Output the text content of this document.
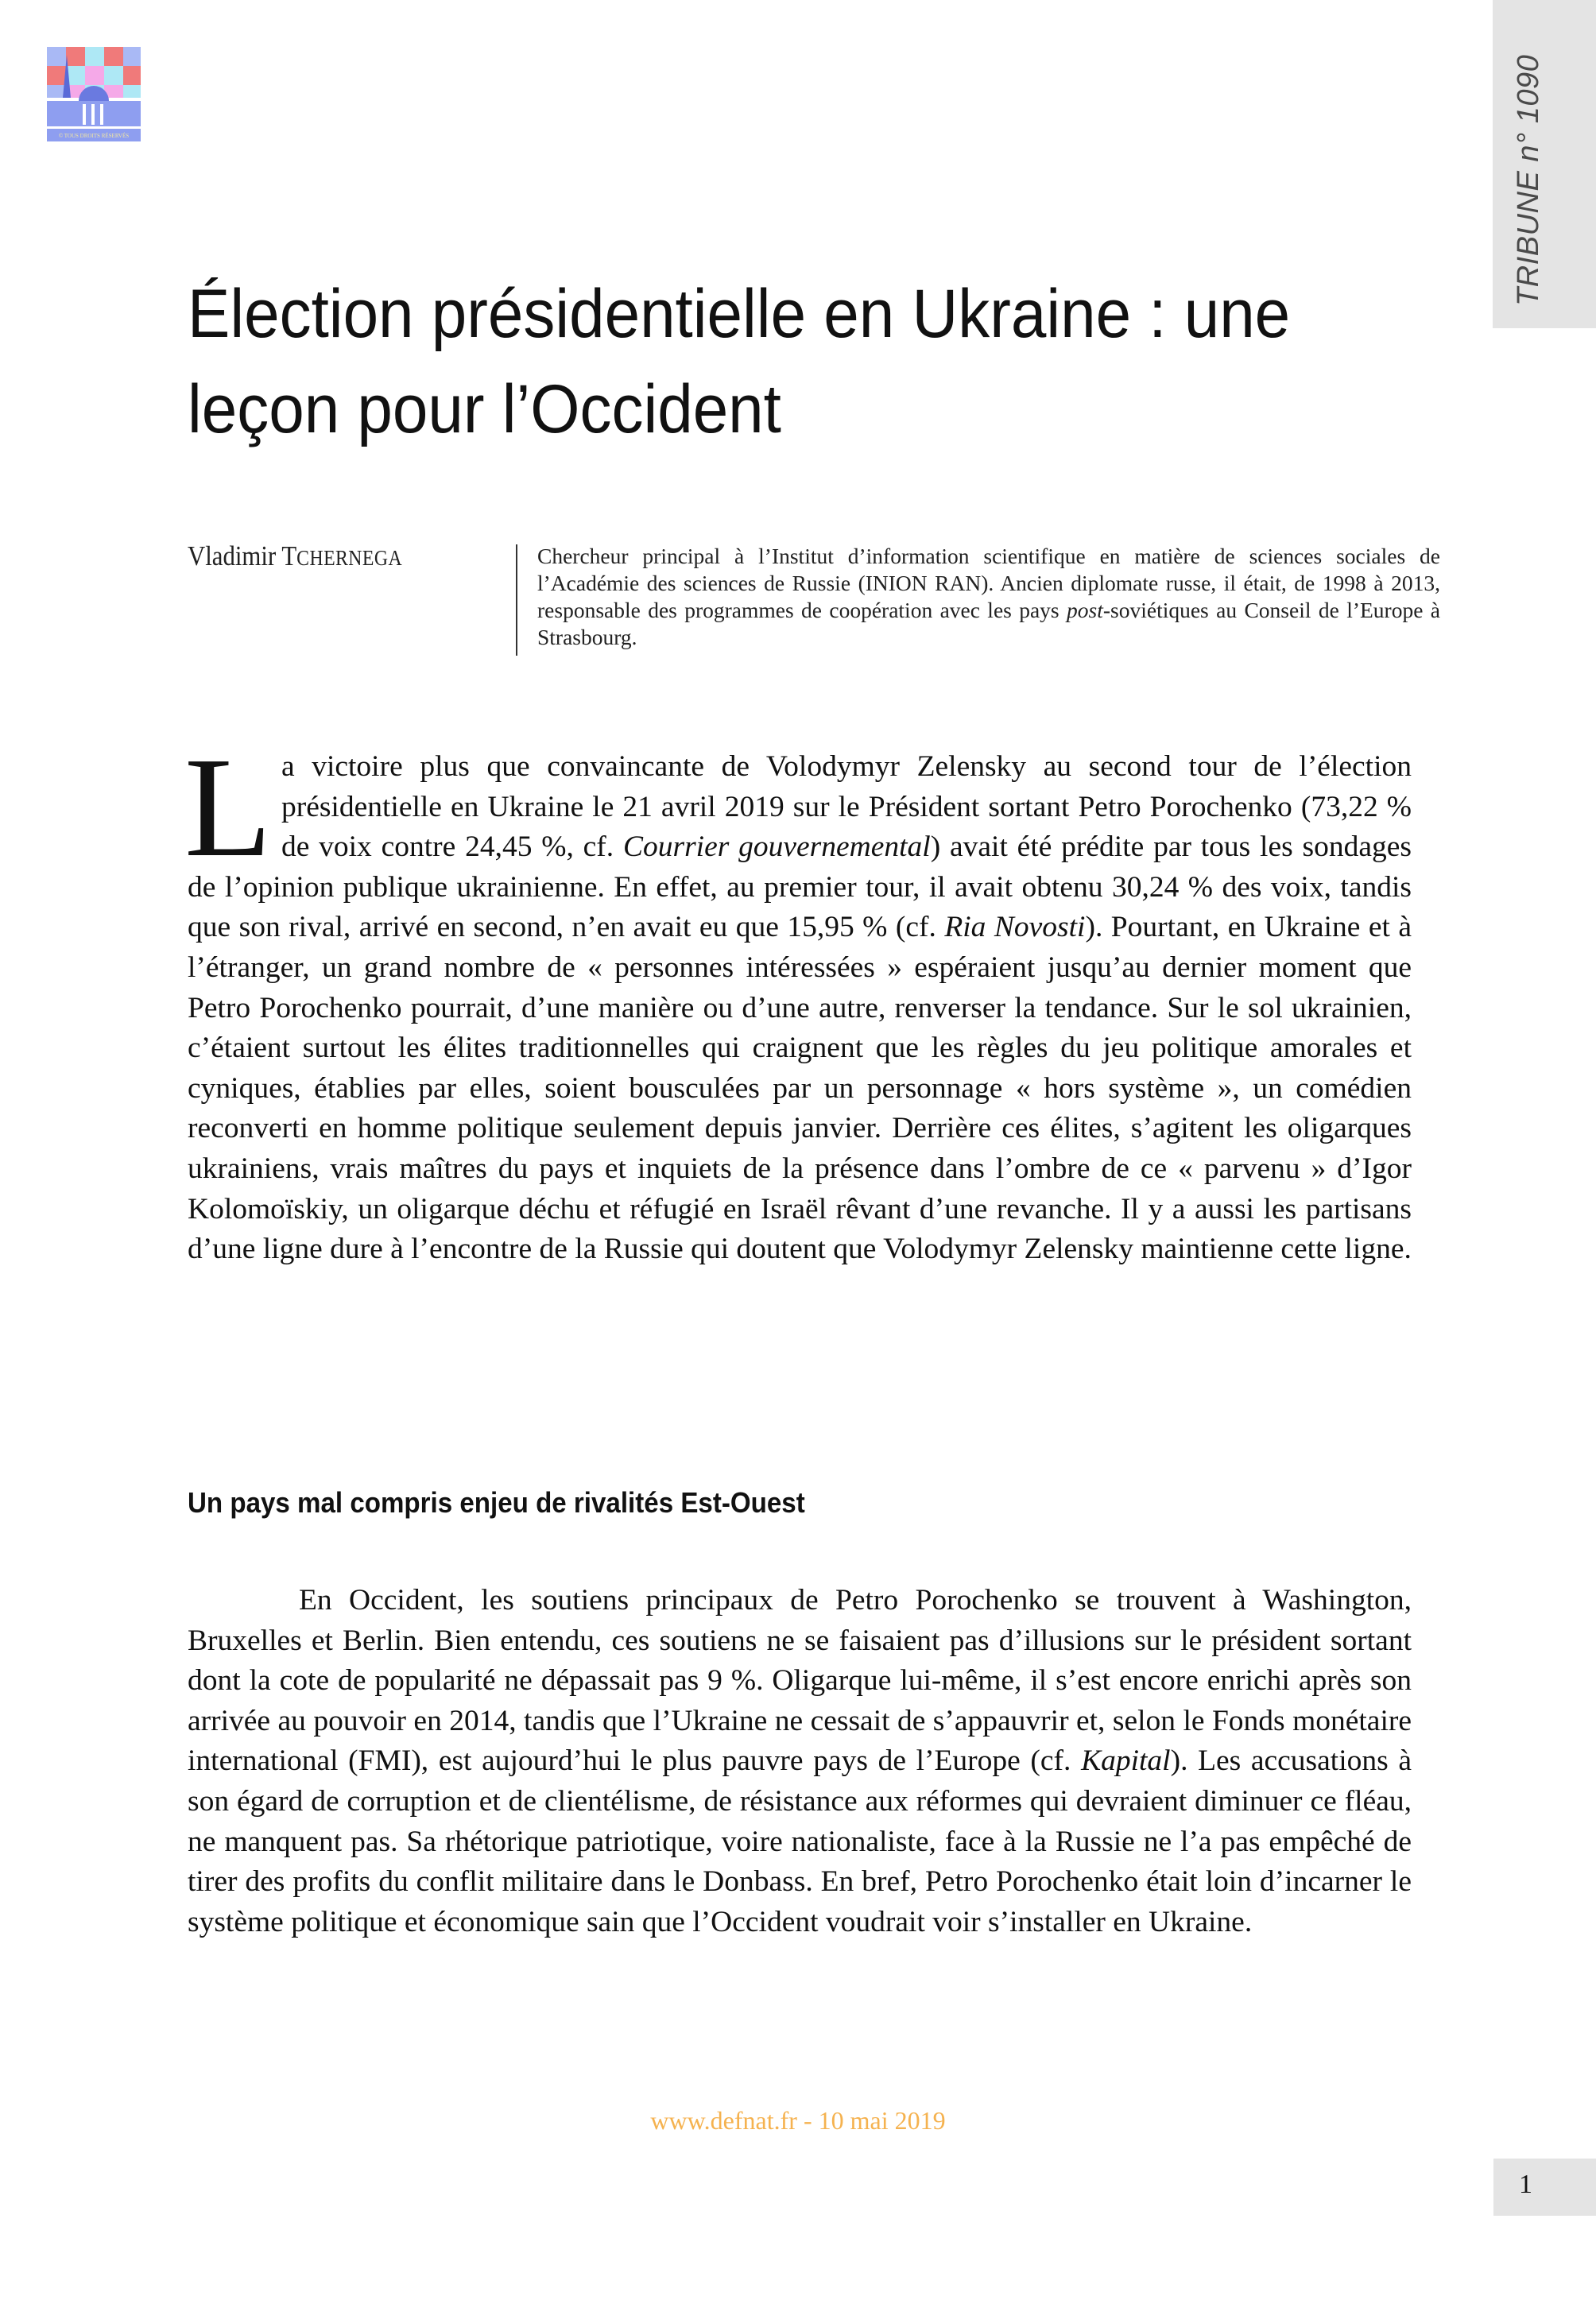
© TOUS DROITS RÉSERVÉS	TRIBUNE n° 1090
Élection présidentielle en Ukraine : une leçon pour l’Occident
Vladimir TCHERNEGA	Chercheur principal à l’Institut d’information scientifique en matière de sciences sociales de l’Académie des sciences de Russie (INION RAN). Ancien diplomate russe, il était, de 1998 à 2013, responsable des programmes de coopération avec les pays post-soviétiques au Conseil de l’Europe à Strasbourg.

La victoire plus que convaincante de Volodymyr Zelensky au second tour de l’élection présidentielle en Ukraine le 21 avril 2019 sur le Président sortant Petro Porochenko (73,22 % de voix contre 24,45 %, cf. Courrier gouvernemental) avait été prédite par tous les sondages de l’opinion publique ukrainienne. En effet, au premier tour, il avait obtenu 30,24 % des voix, tandis que son rival, arrivé en second, n’en avait eu que 15,95 % (cf. Ria Novosti). Pourtant, en Ukraine et à l’étranger, un grand nombre de « personnes intéressées » espéraient jusqu’au dernier moment que Petro Porochenko pourrait, d’une manière ou d’une autre, renverser la tendance. Sur le sol ukrainien, c’étaient surtout les élites traditionnelles qui craignent que les règles du jeu politique amorales et cyniques, établies par elles, soient bousculées par un personnage « hors système », un comédien reconverti en homme politique seulement depuis janvier. Derrière ces élites, s’agitent les oligarques ukrainiens, vrais maîtres du pays et inquiets de la présence dans l’ombre de ce « parvenu » d’Igor Kolomoïskiy, un oligarque déchu et réfugié en Israël rêvant d’une revanche. Il y a aussi les partisans d’une ligne dure à l’encontre de la Russie qui doutent que Volodymyr Zelensky maintienne cette ligne.

Un pays mal compris enjeu de rivalités Est-Ouest

En Occident, les soutiens principaux de Petro Porochenko se trouvent à Washington, Bruxelles et Berlin. Bien entendu, ces soutiens ne se faisaient pas d’illusions sur le président sortant dont la cote de popularité ne dépassait pas 9 %. Oligarque lui-même, il s’est encore enrichi après son arrivée au pouvoir en 2014, tandis que l’Ukraine ne cessait de s’appauvrir et, selon le Fonds monétaire international (FMI), est aujourd’hui le plus pauvre pays de l’Europe (cf. Kapital). Les accusations à son égard de corruption et de clientélisme, de résistance aux réformes qui devraient diminuer ce fléau, ne manquent pas. Sa rhétorique patriotique, voire nationaliste, face à la Russie ne l’a pas empêché de tirer des profits du conflit militaire dans le Donbass. En bref, Petro Porochenko était loin d’incarner le système politique et économique sain que l’Occident voudrait voir s’installer en Ukraine.

www.defnat.fr - 10 mai 2019
1
